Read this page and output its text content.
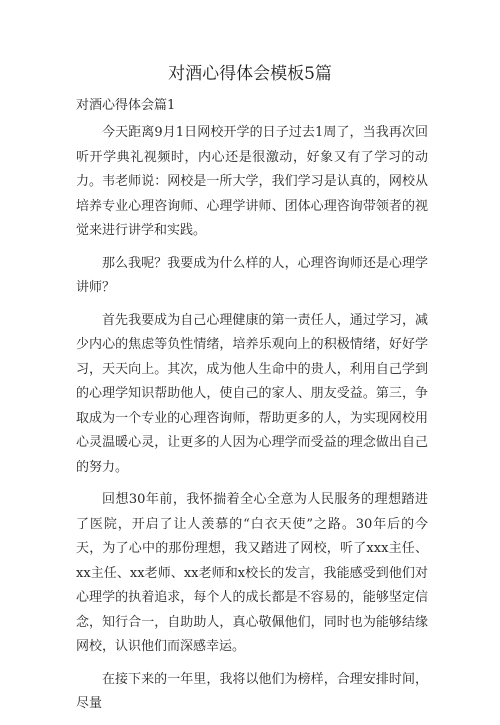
对酒心得体会模板5篇

对酒心得体会篇1

今天距离9月1日网校开学的日子过去1周了，当我再次回听开学典礼视频时，内心还是很激动，好象又有了学习的动力。韦老师说：网校是一所大学，我们学习是认真的，网校从培养专业心理咨询师、心理学讲师、团体心理咨询带领者的视觉来进行讲学和实践。

那么我呢？我要成为什么样的人，心理咨询师还是心理学讲师？

首先我要成为自己心理健康的第一责任人，通过学习，减少内心的焦虑等负性情绪，培养乐观向上的积极情绪，好好学习，天天向上。其次，成为他人生命中的贵人，利用自己学到的心理学知识帮助他人，使自己的家人、朋友受益。第三，争取成为一个专业的心理咨询师，帮助更多的人，为实现网校用心灵温暖心灵，让更多的人因为心理学而受益的理念做出自己的努力。

回想30年前，我怀揣着全心全意为人民服务的理想踏进了医院，开启了让人羡慕的“白衣天使”之路。30年后的今天，为了心中的那份理想，我又踏进了网校，听了xxx主任、xx主任、xx老师、xx老师和x校长的发言，我能感受到他们对心理学的执着追求，每个人的成长都是不容易的，能够坚定信念，知行合一，自助助人，真心敬佩他们，同时也为能够结缘网校，认识他们而深感幸运。

在接下来的一年里，我将以他们为榜样，合理安排时间，尽量
